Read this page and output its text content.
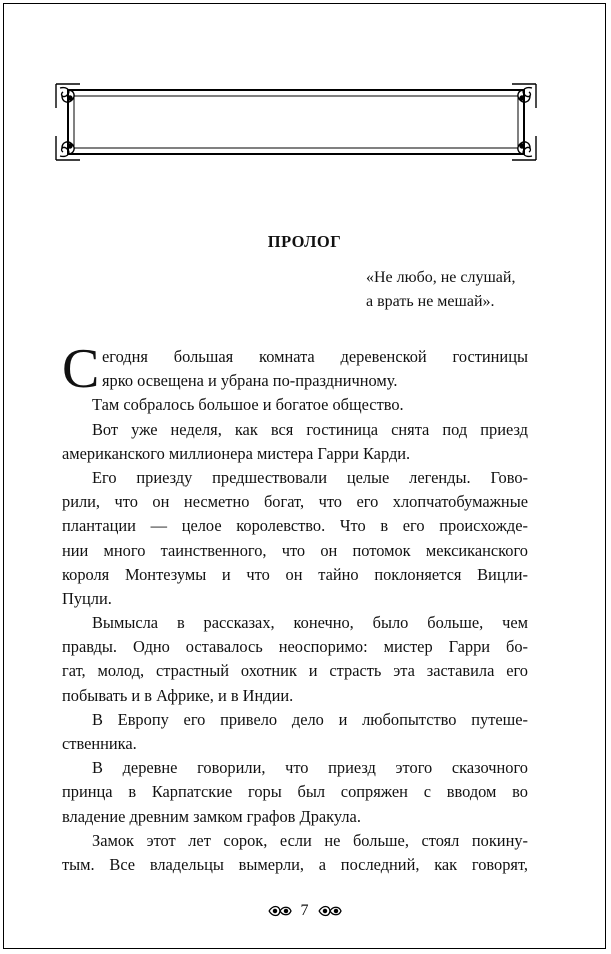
ПРОЛОГ
«Не любо, не слушай,
а врать не мешай».
С егодня большая комната деревенской гостиницы
ярко освещена и убрана по-праздничному.
Там собралось большое и богатое общество.
Вот уже неделя, как вся гостиница снята под приезд
американского миллионера мистера Гарри Карди.
Его приезду предшествовали целые легенды. Гово-
рили, что он несметно богат, что его хлопчатобумажные
плантации — целое королевство. Что в его происхожде-
нии много таинственного, что он потомок мексиканского
короля Монтезумы и что он тайно поклоняется Вицли-
Пуцли.
Вымысла в рассказах, конечно, было больше, чем
правды. Одно оставалось неоспоримо: мистер Гарри бо-
гат, молод, страстный охотник и страсть эта заставила его
побывать и в Африке, и в Индии.
В Европу его привело дело и любопытство путеше-
ственника.
В деревне говорили, что приезд этого сказочного
принца в Карпатские горы был сопряжен с вводом во
владение древним замком графов Дракула.
Замок этот лет сорок, если не больше, стоял покину-
тым. Все владельцы вымерли, а последний, как говорят,
7
